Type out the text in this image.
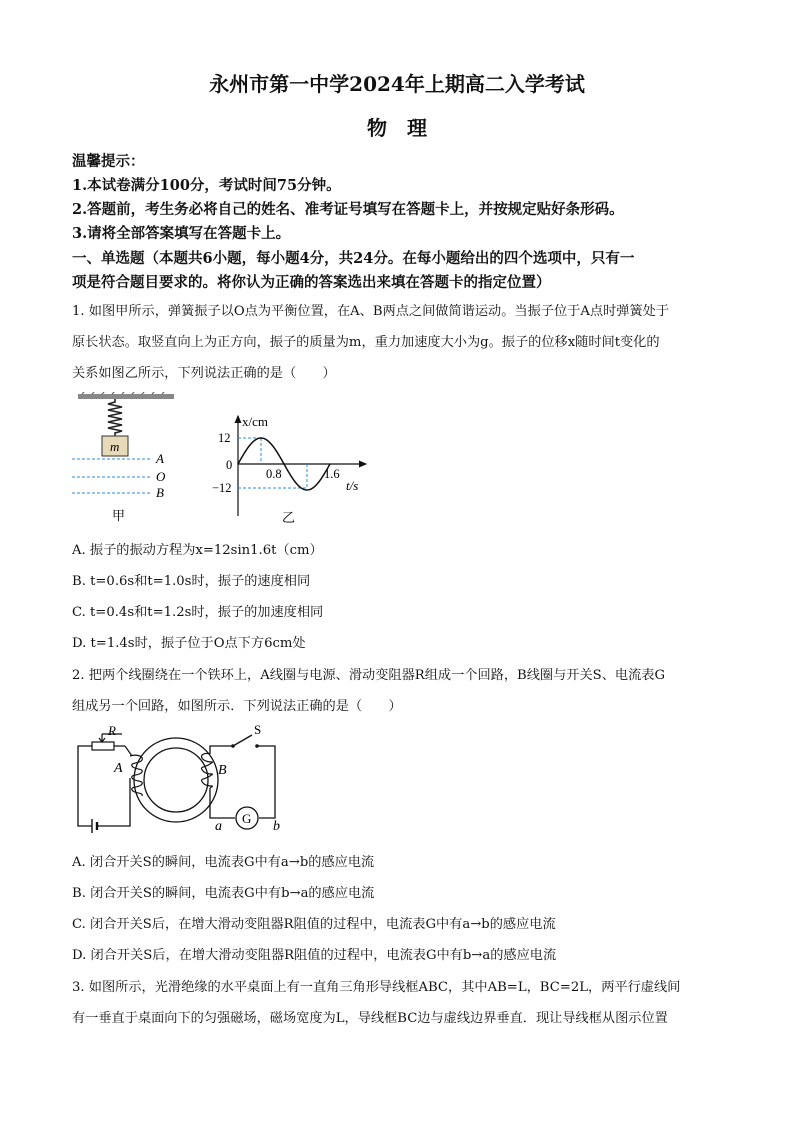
永州市第一中学2024年上期高二入学考试
物　理
温馨提示：
1.本试卷满分100分，考试时间75分钟。
2.答题前，考生务必将自己的姓名、准考证号填写在答题卡上，并按规定贴好条形码。
3.请将全部答案填写在答题卡上。
一、单选题（本题共6小题，每小题4分，共24分。在每小题给出的四个选项中，只有一
项是符合题目要求的。将你认为正确的答案选出来填在答题卡的指定位置）
1. 如图甲所示，弹簧振子以O点为平衡位置，在A、B两点之间做简谐运动。当振子位于A点时弹簧处于
原长状态。取竖直向上为正方向，振子的质量为m，重力加速度大小为g。振子的位移x随时间t变化的
关系如图乙所示，下列说法正确的是（　　）
m
A
O
B
甲
x/cm
t/s
12
0
−12
0.8	1.6
乙
A. 振子的振动方程为x=12sin1.6t（cm）
B. t=0.6s和t=1.0s时，振子的速度相同
C. t=0.4s和t=1.2s时，振子的加速度相同
D. t=1.4s时，振子位于O点下方6cm处
2. 把两个线圈绕在一个铁环上，A线圈与电源、滑动变阻器R组成一个回路，B线圈与开关S、电流表G
组成另一个回路，如图所示．下列说法正确的是（　　）
R
A	B
S
G
a	b
A. 闭合开关S的瞬间，电流表G中有a→b的感应电流
B. 闭合开关S的瞬间，电流表G中有b→a的感应电流
C. 闭合开关S后，在增大滑动变阻器R阻值的过程中，电流表G中有a→b的感应电流
D. 闭合开关S后，在增大滑动变阻器R阻值的过程中，电流表G中有b→a的感应电流
3. 如图所示，光滑绝缘的水平桌面上有一直角三角形导线框ABC，其中AB=L，BC=2L，两平行虚线间
有一垂直于桌面向下的匀强磁场，磁场宽度为L，导线框BC边与虚线边界垂直．现让导线框从图示位置
